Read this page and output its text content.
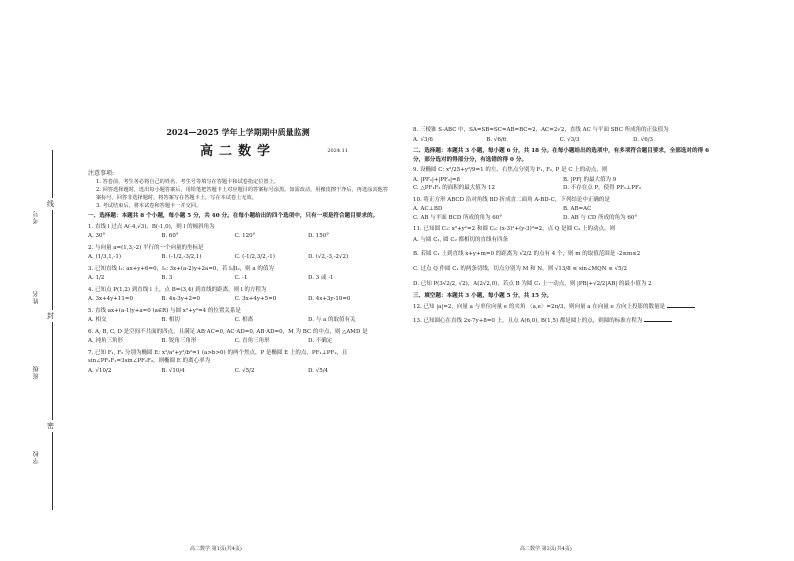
学校
班级
姓名
考号
密
封
线
2024—2025 学年上学期期中质量监测
高二数学	2024.11
注意事项:
1. 答卷前，考生务必将自己的姓名、考生号等填写在答题卡和试卷指定位置上。
2. 回答选择题时，选出每小题答案后，用铅笔把答题卡上对应题目的答案标号涂黑。如需改动，用橡皮擦干净后，再选涂其他答案标号。回答非选择题时，将答案写在答题卡上，写在本试卷上无效。
3. 考试结束后，将本试卷和答题卡一并交回。
一、选择题：本题共 8 个小题，每小题 5 分，共 40 分。在每小题给出的四个选项中，只有一项是符合题目要求的。
1. 直线 l 过点 A(-4,√3)，B(-1,0)，则 l 的倾斜角为
A. 30°	B. 60°	C. 120°	D. 150°
2. 与向量 a=(1,3,-2) 平行的一个向量的坐标是
A. (1/3,1,-1)	B. (-1/2,-3/2,1)	C. (-1/2,3/2,-1)	D. (√2,-3,-2√2)
3. 已知直线 l₁: ax+y+6=0，l₂: 3x+(a-2)y+2a=0，若 l₁∥l₂，则 a 的值为
A. 1/2	B. 3	C. -1	D. 3 或 -1
4. 已知点 P(1,2) 到直线 l 上，点 B=(3,4) 到直线的距离，则 l 的方程为
A. 3x+4y+11=0	B. 4x-3y+2=0	C. 3x+4y+5=0	D. 4x+3y-10=0
5. 直线 ax+(a-1)y+a=0 (a∈R) 与圆 x²+y²=4 的位置关系是
A. 相交	B. 相切	C. 相离	D. 与 a 的取值有关
6. A, B, C, D 是空间不共面的四点，且满足 AB·AC=0, AC·AD=0, AB·AD=0，M 为 BC 的中点，则 △AMD 是
A. 钝角三角形	B. 锐角三角形	C. 直角三角形	D. 不确定
7. 已知 F₁, F₂ 分别为椭圆 E: x²/a²+y²/b²=1 (a>b>0) 的两个焦点，P 是椭圆 E 上的点，PF₁⊥PF₂，且 sin∠PF₂F₁=3sin∠PF₁F₂，则椭圆 E 的离心率为
A. √10/2	B. √10/4	C. √5/2	D. √5/4
8. 三棱锥 S-ABC 中，SA=SB=SC=AB=BC=2，AC=2√2，直线 AC 与平面 SBC 所成角的正弦值为
A. √3/6	B. √6/6	C. √3/3	D. √6/3
二、选择题：本题共 3 小题，每小题 6 分，共 18 分。在每小题给出的选项中，有多项符合题目要求，全部选对的得 6 分，部分选对的得部分分，有选错的得 0 分。
9. 设椭圆 C: x²/25+y²/9=1 的左、右焦点分别为 F₁, F₂, P 是 C 上的动点，则
A. |PF₁|+|PF₂|=8	B. |PF| 的最大值为 9
C. △PF₁F₂ 的面积的最大值为 12	D. 不存在点 P，使得 PF₁⊥PF₂
10. 将正方形 ABCD 沿对角线 BD 折成直二面角 A-BD-C，下列结论中正确的是
A. AC⊥BD	B. AB=AC
C. AB 与平面 BCD 所成的角为 60°	D. AB 与 CD 所成的角为 60°
11. 已知圆 C₁: x²+y²=2 和圆 C₂: (x-3)²+(y-3)²=2，点 Q 是圆 C₂ 上的动点，则
A. 与圆 C₁, 圆 C₂ 都相切的直线有四条
B. 若圆 C₁ 上到直线 x+y+m=0 的距离为 √2/2 的点有 4 个，则 m 的取值范围是 -2≤m≤2
C. 过点 Q 作圆 C₁ 的两条切线，切点分别为 M 和 N，则 √13/8 ≤ sin∠MQN ≤ √5/2
D. 已知 P(3√2/2, √2)，A(2√2,0)，若点 B 为圆 C₁ 上一动点，则 |PB|+√2/2|AB| 的最小值为 2
三、填空题：本题共 3 小题，每小题 5 分，共 15 分。
12. 已知 |a|=2，向量 a 与单位向量 e 的夹角 〈a,e〉=2π/3，则向量 a 在向量 e 方向上投影的数量是
13. 已知圆心在直线 2x-7y+8=0 上，且点 A(6,0), B(1,5) 都是圆上的点，则圆的标准方程为
高二数学 第1页(共4页)	高二数学 第2页(共4页)
